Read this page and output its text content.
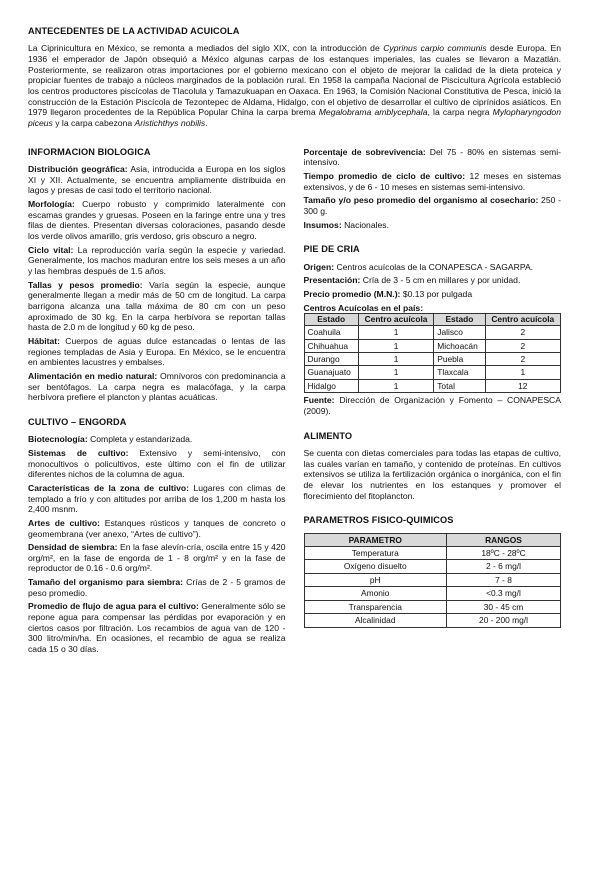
ANTECEDENTES DE LA ACTIVIDAD ACUICOLA

La Ciprinicultura en México, se remonta a mediados del siglo XIX, con la introducción de Cyprinus carpio communis desde Europa. En 1936 el emperador de Japón obsequió a México algunas carpas de los estanques imperiales, las cuales se llevaron a Mazatlán. Posteriormente, se realizaron otras importaciones por el gobierno mexicano con el objeto de mejorar la calidad de la dieta proteica y propiciar fuentes de trabajo a núcleos marginados de la población rural. En 1958 la campaña Nacional de Piscicultura Agrícola estableció los centros productores piscícolas de Tlacolula y Tamazukuapan en Oaxaca. En 1963, la Comisión Nacional Constitutiva de Pesca, inició la construcción de la Estación Piscícola de Tezontepec de Aldama, Hidalgo, con el objetivo de desarrollar el cultivo de ciprínidos asiáticos. En 1979 llegaron procedentes de la República Popular China la carpa brema Megalobrama amblycephala, la carpa negra Mylopharyngodon piceus y la carpa cabezona Aristichthys nobilis.

INFORMACION BIOLOGICA

Distribución geográfica: Asia, introducida a Europa en los siglos XI y XII. Actualmente, se encuentra ampliamente distribuida en lagos y presas de casi todo el territorio nacional.

Morfología: Cuerpo robusto y comprimido lateralmente con escamas grandes y gruesas. Poseen en la faringe entre una y tres filas de dientes. Presentan diversas coloraciones, pasando desde los verde olivos amarillo, gris verdoso, gris obscuro a negro.

Ciclo vital: La reproducción varía según la especie y variedad. Generalmente, los machos maduran entre los seis meses a un año y las hembras después de 1.5 años.

Tallas y pesos promedio: Varía según la especie, aunque generalmente llegan a medir más de 50 cm de longitud. La carpa barrigona alcanza una talla máxima de 80 cm con un peso aproximado de 30 kg. En la carpa herbívora se reportan tallas hasta de 2.0 m de longitud y 60 kg de peso.

Hábitat: Cuerpos de aguas dulce estancadas o lentas de las regiones templadas de Asia y Europa. En México, se le encuentra en ambientes lacustres y embalses.

Alimentación en medio natural: Omnívoros con predominancia a ser bentófagos. La carpa negra es malacófaga, y la carpa herbívora prefiere el plancton y plantas acuáticas.

CULTIVO – ENGORDA

Biotecnología: Completa y estandarizada.

Sistemas de cultivo: Extensivo y semi-intensivo, con monocultivos o policultivos, este último con el fin de utilizar diferentes nichos de la columna de agua.

Características de la zona de cultivo: Lugares con climas de templado a frío y con altitudes por arriba de los 1,200 m hasta los 2,400 msnm.

Artes de cultivo: Estanques rústicos y tanques de concreto o geomembrana (ver anexo, “Artes de cultivo”).

Densidad de siembra: En la fase alevín-cría, oscila entre 15 y 420 org/m², en la fase de engorda de 1 - 8 org/m² y en la fase de reproductor de 0.16 - 0.6 org/m².

Tamaño del organismo para siembra: Crías de 2 - 5 gramos de peso promedio.

Promedio de flujo de agua para el cultivo: Generalmente sólo se repone agua para compensar las pérdidas por evaporación y en ciertos casos por filtración. Los recambios de agua van de 120 - 300 litro/min/ha. En ocasiones, el recambio de agua se realiza cada 15 o 30 días.

Porcentaje de sobrevivencia: Del 75 - 80% en sistemas semi-intensivo.

Tiempo promedio de ciclo de cultivo: 12 meses en sistemas extensivos, y de 6 - 10 meses en sistemas semi-intensivo.

Tamaño y/o peso promedio del organismo al cosechario: 250 - 300 g.

Insumos: Nacionales.

PIE DE CRIA

Origen: Centros acuícolas de la CONAPESCA - SAGARPA.

Presentación: Cría de 3 - 5 cm en millares y por unidad.

Precio promedio (M.N.): $0.13 por pulgada

Centros Acuícolas en el país:

Estado	Centro acuícola	Estado	Centro acuícola
Coahuila	1	Jalisco	2
Chihuahua	1	Michoacán	2
Durango	1	Puebla	2
Guanajuato	1	Tlaxcala	1
Hidalgo	1	Total	12

Fuente: Dirección de Organización y Fomento – CONAPESCA (2009).

ALIMENTO

Se cuenta con dietas comerciales para todas las etapas de cultivo, las cuales varían en tamaño, y contenido de proteínas. En cultivos extensivos se utiliza la fertilización orgánica o inorgánica, con el fin de elevar los nutrientes en los estanques y promover el florecimiento del fitoplancton.

PARAMETROS FISICO-QUIMICOS
PARAMETRO	RANGOS
Temperatura	18ºC - 28ºC
Oxígeno disuelto	2 - 6 mg/l
pH	7 - 8
Amonio	<0.3 mg/l
Transparencia	30 - 45 cm
Alcalinidad	20 - 200 mg/l
